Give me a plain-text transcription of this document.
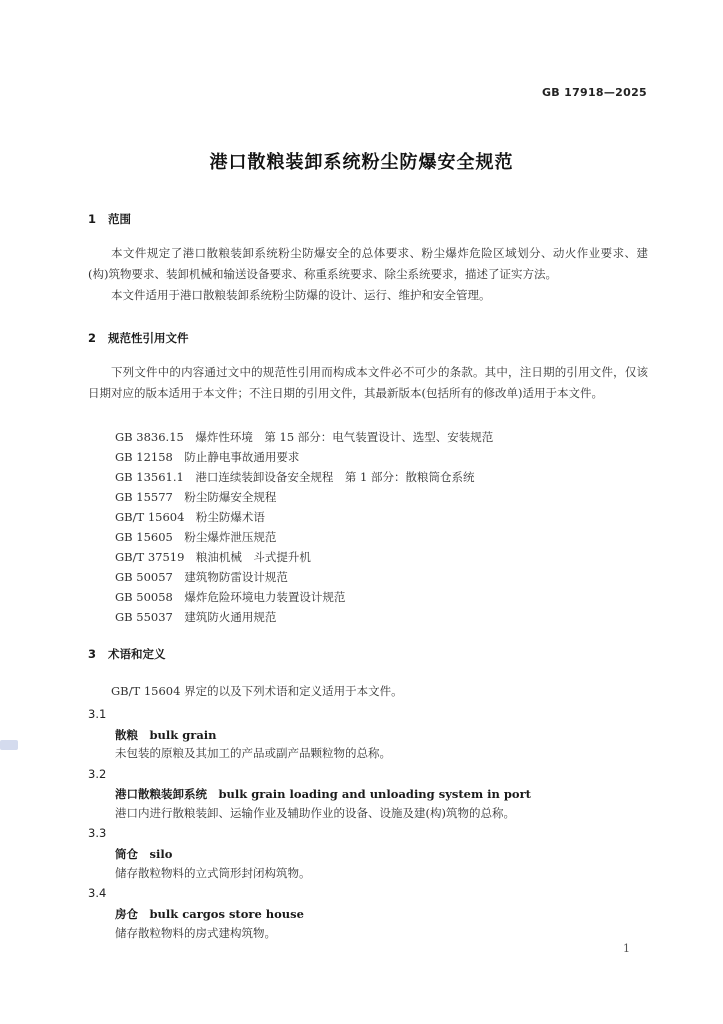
GB 17918—2025
港口散粮装卸系统粉尘防爆安全规范
1 范围
本文件规定了港口散粮装卸系统粉尘防爆安全的总体要求、粉尘爆炸危险区域划分、动火作业要求、建(构)筑物要求、装卸机械和输送设备要求、称重系统要求、除尘系统要求，描述了证实方法。
本文件适用于港口散粮装卸系统粉尘防爆的设计、运行、维护和安全管理。
2 规范性引用文件
下列文件中的内容通过文中的规范性引用而构成本文件必不可少的条款。其中，注日期的引用文件，仅该日期对应的版本适用于本文件；不注日期的引用文件，其最新版本(包括所有的修改单)适用于本文件。
GB 3836.15　爆炸性环境　第 15 部分：电气装置设计、选型、安装规范
GB 12158　防止静电事故通用要求
GB 13561.1　港口连续装卸设备安全规程　第 1 部分：散粮筒仓系统
GB 15577　粉尘防爆安全规程
GB/T 15604　粉尘防爆术语
GB 15605　粉尘爆炸泄压规范
GB/T 37519　粮油机械　斗式提升机
GB 50057　建筑物防雷设计规范
GB 50058　爆炸危险环境电力装置设计规范
GB 55037　建筑防火通用规范
3 术语和定义
GB/T 15604 界定的以及下列术语和定义适用于本文件。
3.1
散粮　bulk grain
未包装的原粮及其加工的产品或副产品颗粒物的总称。
3.2
港口散粮装卸系统　bulk grain loading and unloading system in port
港口内进行散粮装卸、运输作业及辅助作业的设备、设施及建(构)筑物的总称。
3.3
筒仓　silo
储存散粒物料的立式筒形封闭构筑物。
3.4
房仓　bulk cargos store house
储存散粒物料的房式建构筑物。
1
